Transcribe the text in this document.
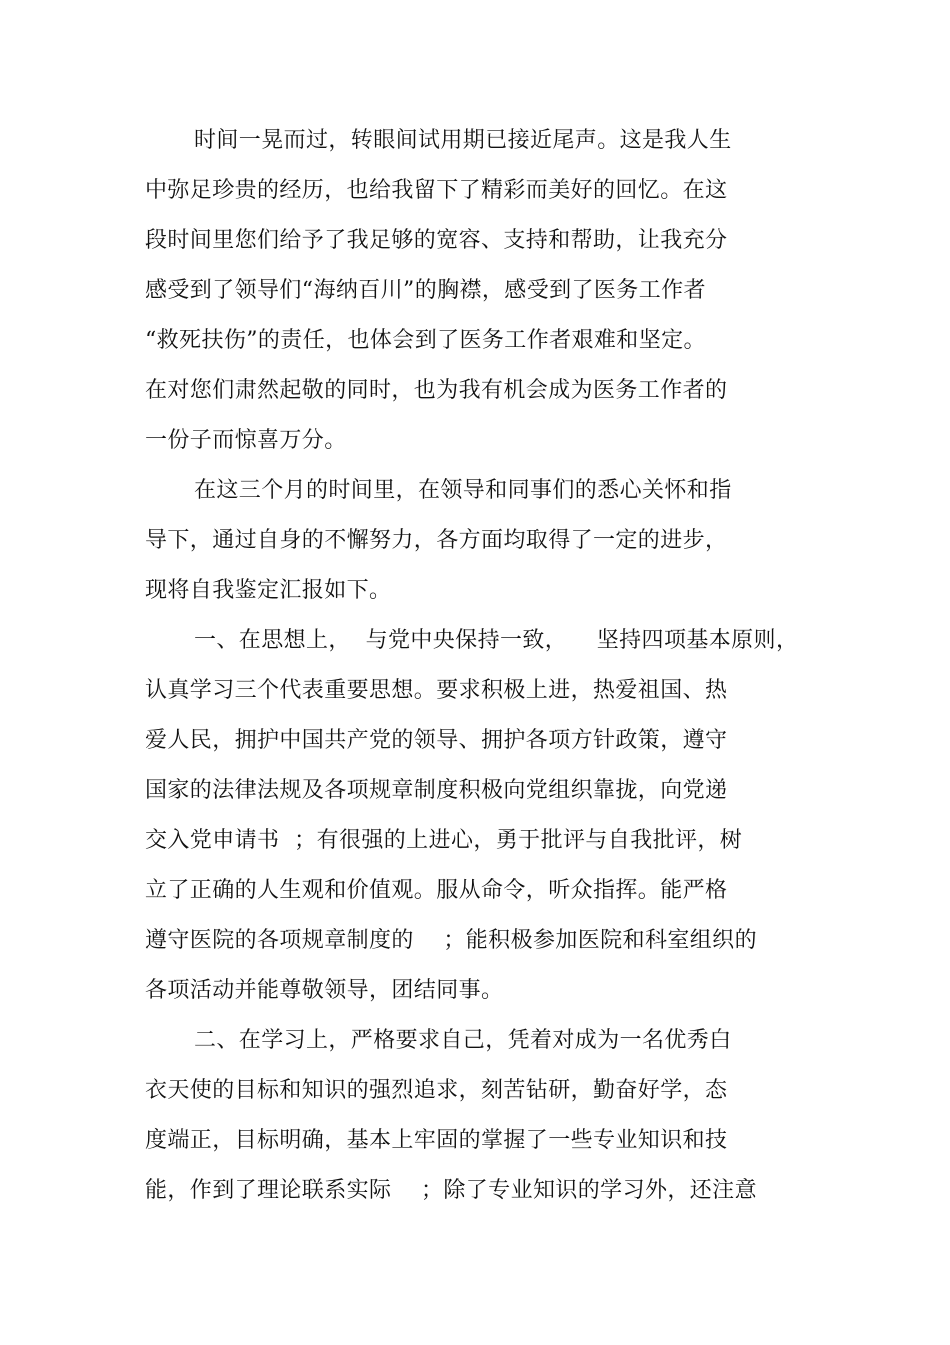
时间一晃而过，转眼间试用期已接近尾声。这是我人生
中弥足珍贵的经历，也给我留下了精彩而美好的回忆。在这
段时间里您们给予了我足够的宽容、支持和帮助，让我充分
感受到了领导们“海纳百川”的胸襟，感受到了医务工作者
“救死扶伤”的责任，也体会到了医务工作者艰难和坚定。
在对您们肃然起敬的同时，也为我有机会成为医务工作者的
一份子而惊喜万分。
在这三个月的时间里，在领导和同事们的悉心关怀和指
导下，通过自身的不懈努力，各方面均取得了一定的进步，
现将自我鉴定汇报如下。
一、在思想上，  与党中央保持一致，    坚持四项基本原则，
认真学习三个代表重要思想。要求积极上进，热爱祖国、热
爱人民，拥护中国共产党的领导、拥护各项方针政策，遵守
国家的法律法规及各项规章制度积极向党组织靠拢，向党递
交入党申请书  ；有很强的上进心，勇于批评与自我批评，树
立了正确的人生观和价值观。服从命令，听众指挥。能严格
遵守医院的各项规章制度的    ；能积极参加医院和科室组织的
各项活动并能尊敬领导，团结同事。
二、在学习上，严格要求自己，凭着对成为一名优秀白
衣天使的目标和知识的强烈追求，刻苦钻研，勤奋好学，态
度端正，目标明确，基本上牢固的掌握了一些专业知识和技
能，作到了理论联系实际    ；除了专业知识的学习外，还注意
